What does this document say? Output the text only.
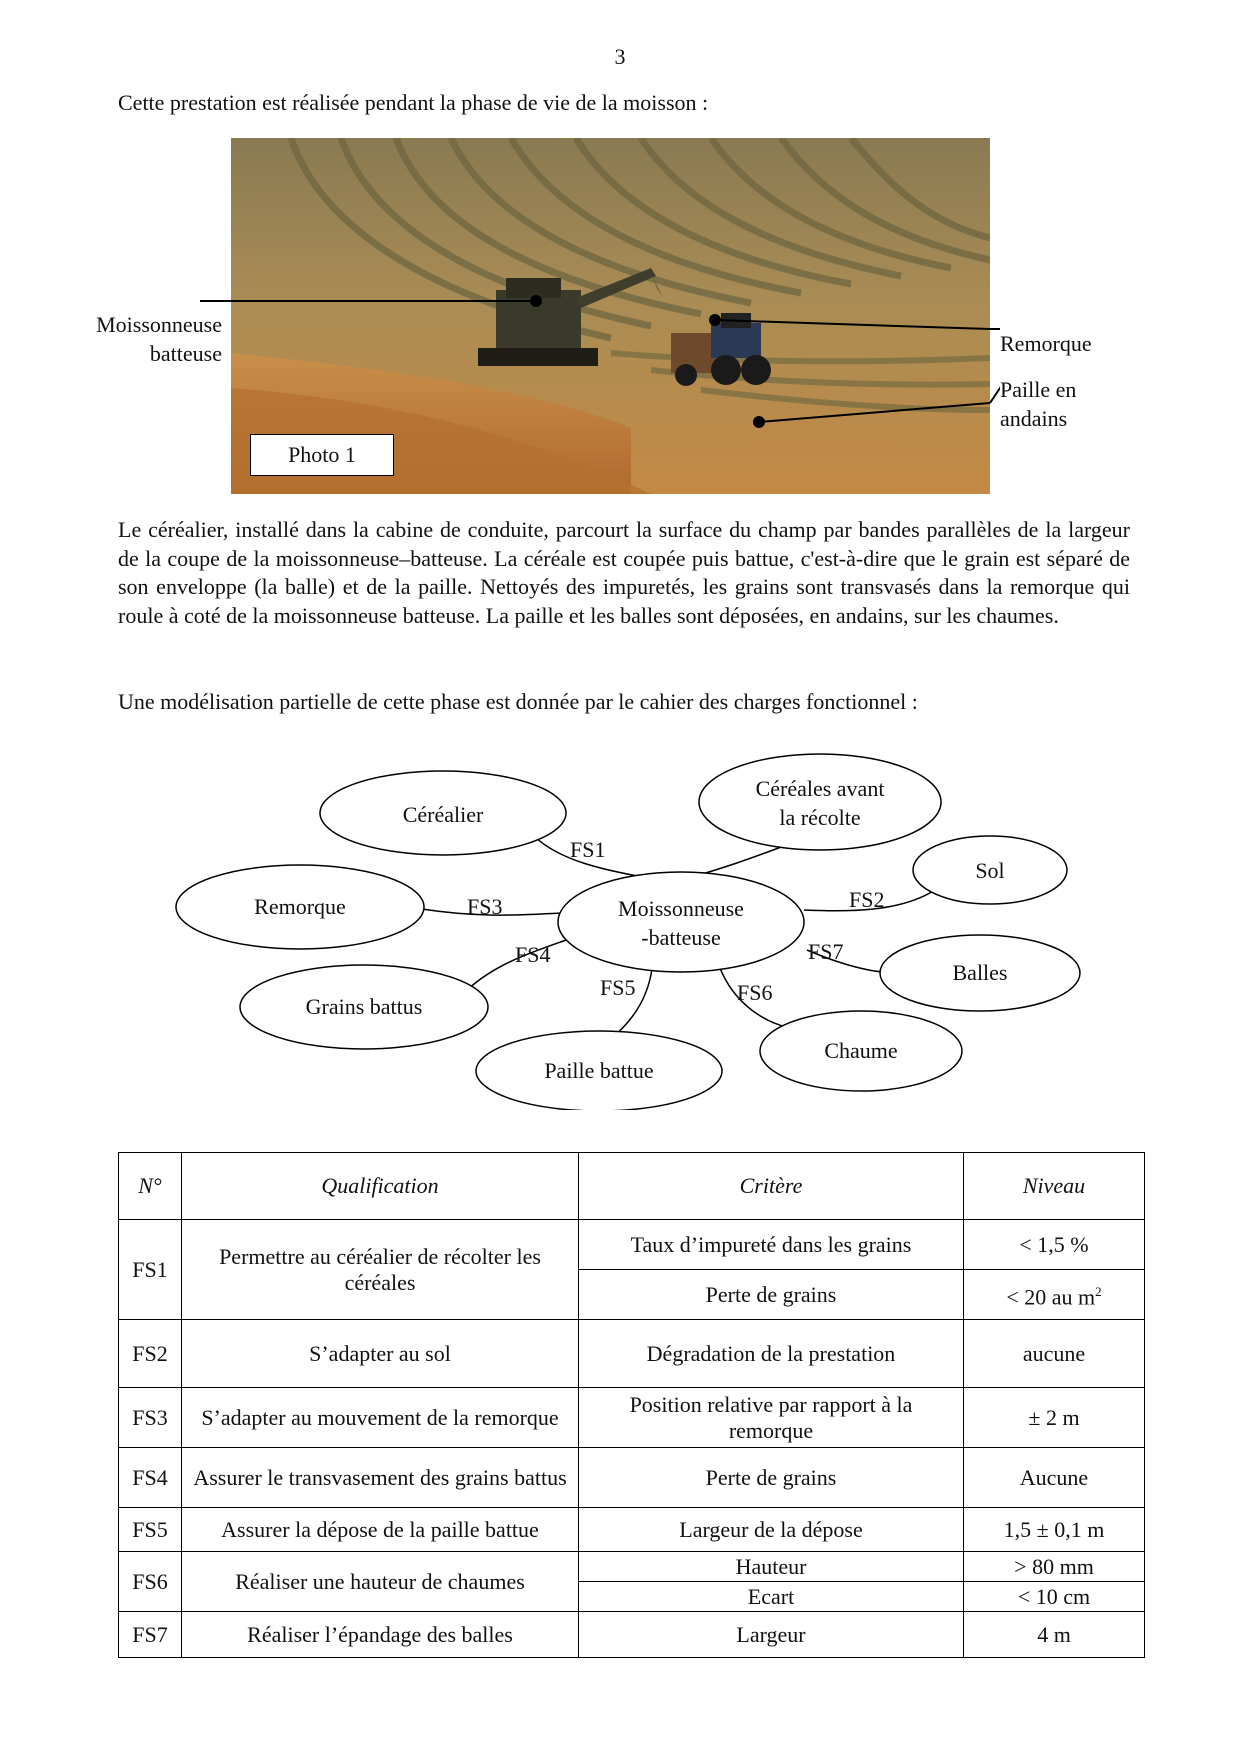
3
Cette prestation est réalisée pendant la phase de vie de la moisson :
Moissonneuse
batteuse	Remorque
Paille en
andains
Photo 1
Le céréalier, installé dans la cabine de conduite, parcourt la surface du champ par bandes parallèles de la largeur de la coupe de la moissonneuse–batteuse. La céréale est coupée puis battue, c'est-à-dire que le grain est séparé de son enveloppe (la balle) et de la paille. Nettoyés des impuretés, les grains sont transvasés dans la remorque qui roule à coté de la moissonneuse batteuse. La paille et les balles sont déposées, en andains, sur les chaumes.
Une modélisation partielle de cette phase est donnée par le cahier des charges fonctionnel :
Céréalier
Céréales avant
la récolte
Sol
Remorque	Moissonneuse
-batteuse
Balles
Grains battus
Chaume
Paille battue
FS1
FS2
FS3
FS4
FS5	FS6
FS7
N°	Qualification	Critère	Niveau
FS1	Permettre au céréalier de récolter les céréales	Taux d’impureté dans les grains	< 1,5 %
		Perte de grains	< 20 au $m^2$
FS2	S’adapter au sol	Dégradation de la prestation	aucune
FS3	S’adapter au mouvement de la remorque	Position relative par rapport à la remorque	± 2 m
FS4	Assurer le transvasement des grains battus	Perte de grains	Aucune
FS5	Assurer la dépose de la paille battue	Largeur de la dépose	1,5 ± 0,1 m
FS6	Réaliser une hauteur de chaumes	Hauteur	> 80 mm
		Ecart	< 10 cm
FS7	Réaliser l’épandage des balles	Largeur	4 m
